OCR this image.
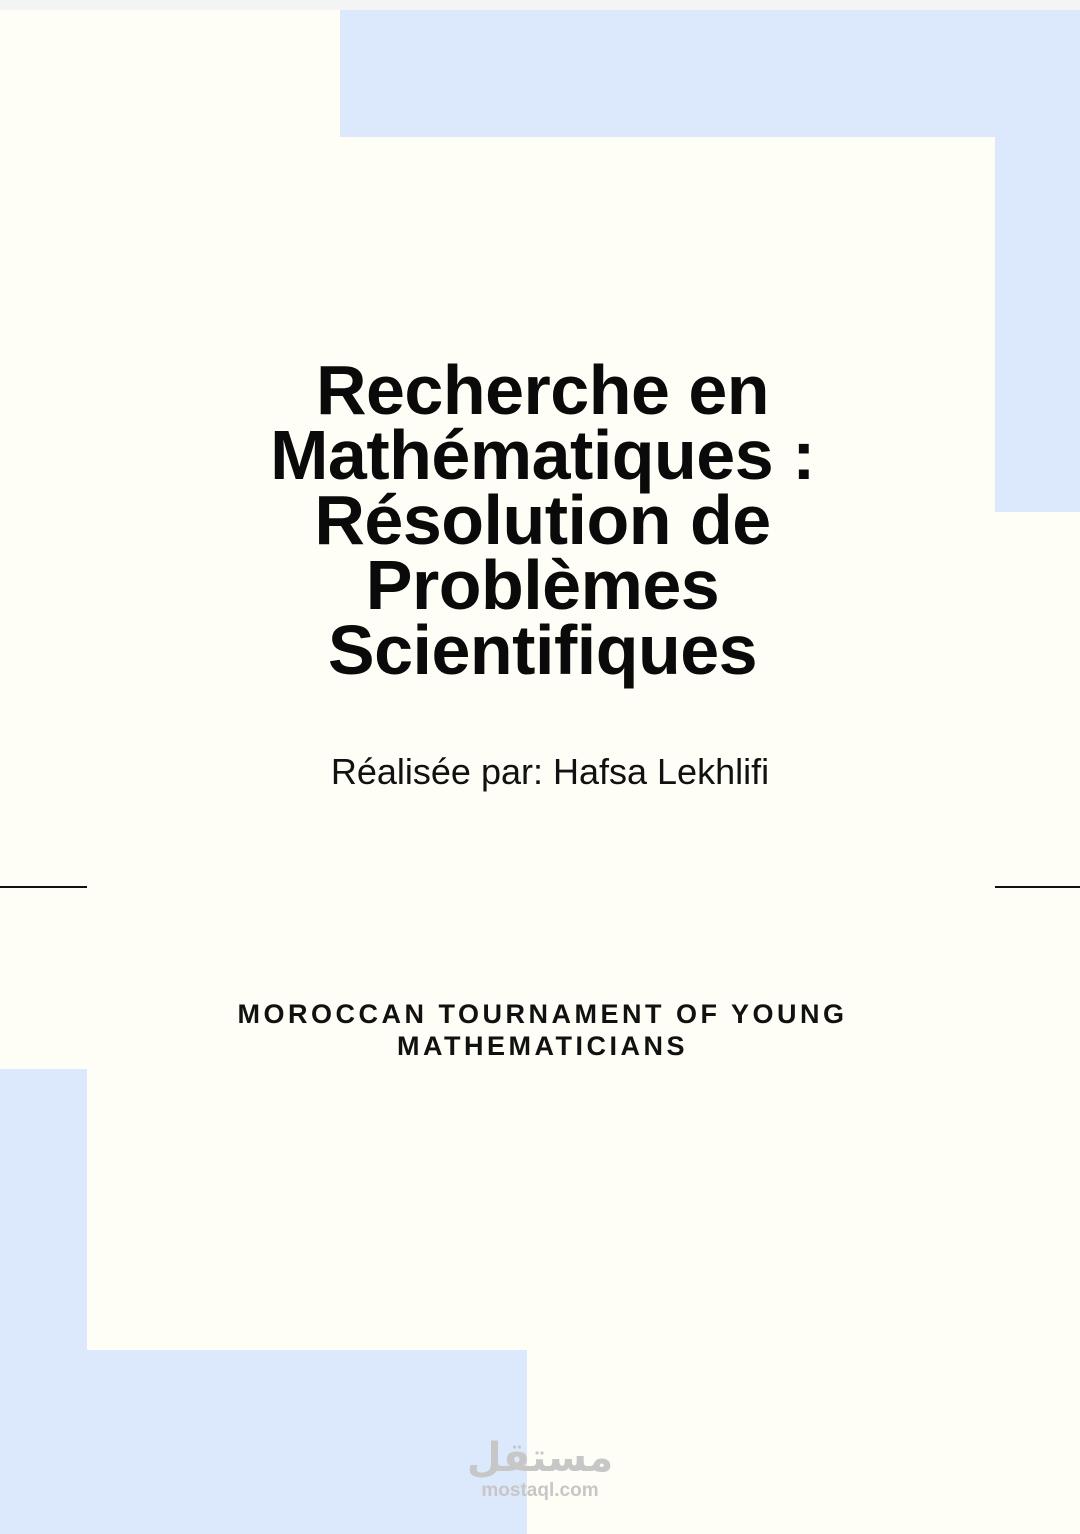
Recherche en
Mathématiques :
Résolution de
Problèmes
Scientifiques
Réalisée par: Hafsa Lekhlifi
MOROCCAN TOURNAMENT OF YOUNG
MATHEMATICIANS
مستقل
mostaql.com
